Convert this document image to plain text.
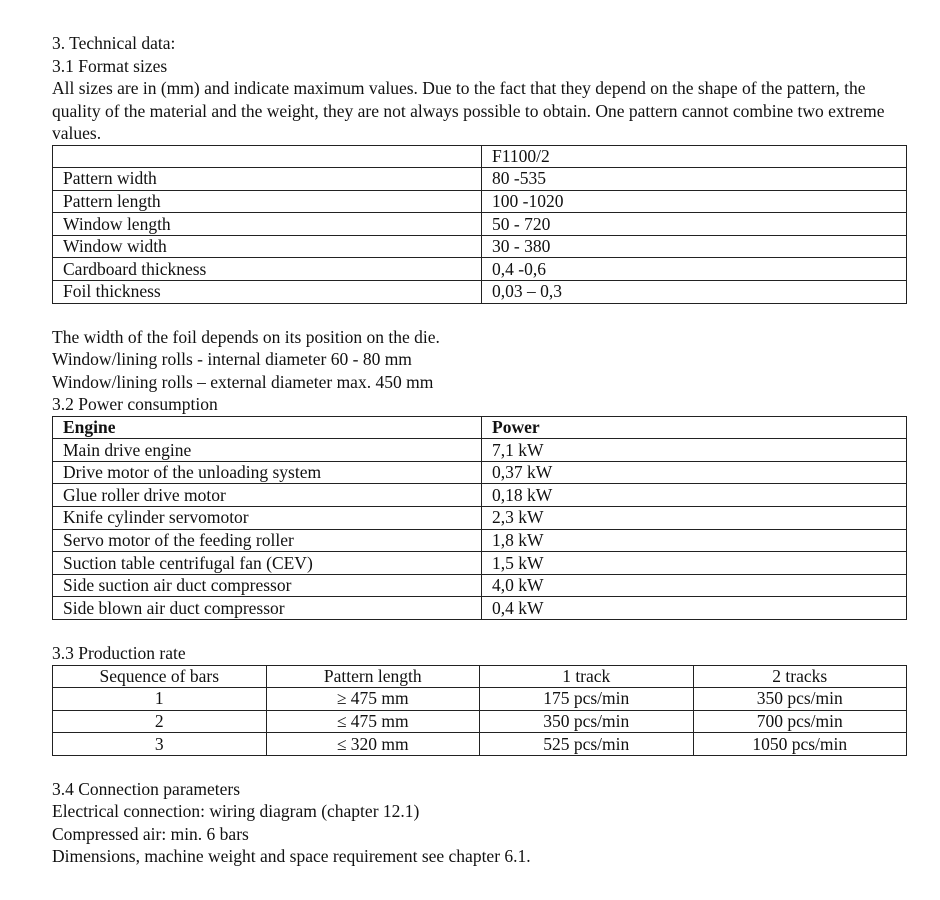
3. Technical data:
3.1 Format sizes
All sizes are in (mm) and indicate maximum values. Due to the fact that they depend on the shape of the pattern, the quality of the material and the weight, they are not always possible to obtain. One pattern cannot combine two extreme values.
	F1100/2
Pattern width	80 -535
Pattern length	100 -1020
Window length	50 - 720
Window width	30 - 380
Cardboard thickness	0,4 -0,6
Foil thickness	0,03 – 0,3
The width of the foil depends on its position on the die.
Window/lining rolls - internal diameter 60 - 80 mm
Window/lining rolls – external diameter max. 450 mm
3.2 Power consumption
Engine	Power
Main drive engine	7,1 kW
Drive motor of the unloading system	0,37 kW
Glue roller drive motor	0,18 kW
Knife cylinder servomotor	2,3 kW
Servo motor of the feeding roller	1,8 kW
Suction table centrifugal fan (CEV)	1,5 kW
Side suction air duct compressor	4,0 kW
Side blown air duct compressor	0,4 kW
3.3 Production rate
Sequence of bars	Pattern length	1 track	2 tracks
1	≥ 475 mm	175 pcs/min	350 pcs/min
2	≤ 475 mm	350 pcs/min	700 pcs/min
3	≤ 320 mm	525 pcs/min	1050 pcs/min
3.4 Connection parameters
Electrical connection: wiring diagram (chapter 12.1)
Compressed air: min. 6 bars
Dimensions, machine weight and space requirement see chapter 6.1.
